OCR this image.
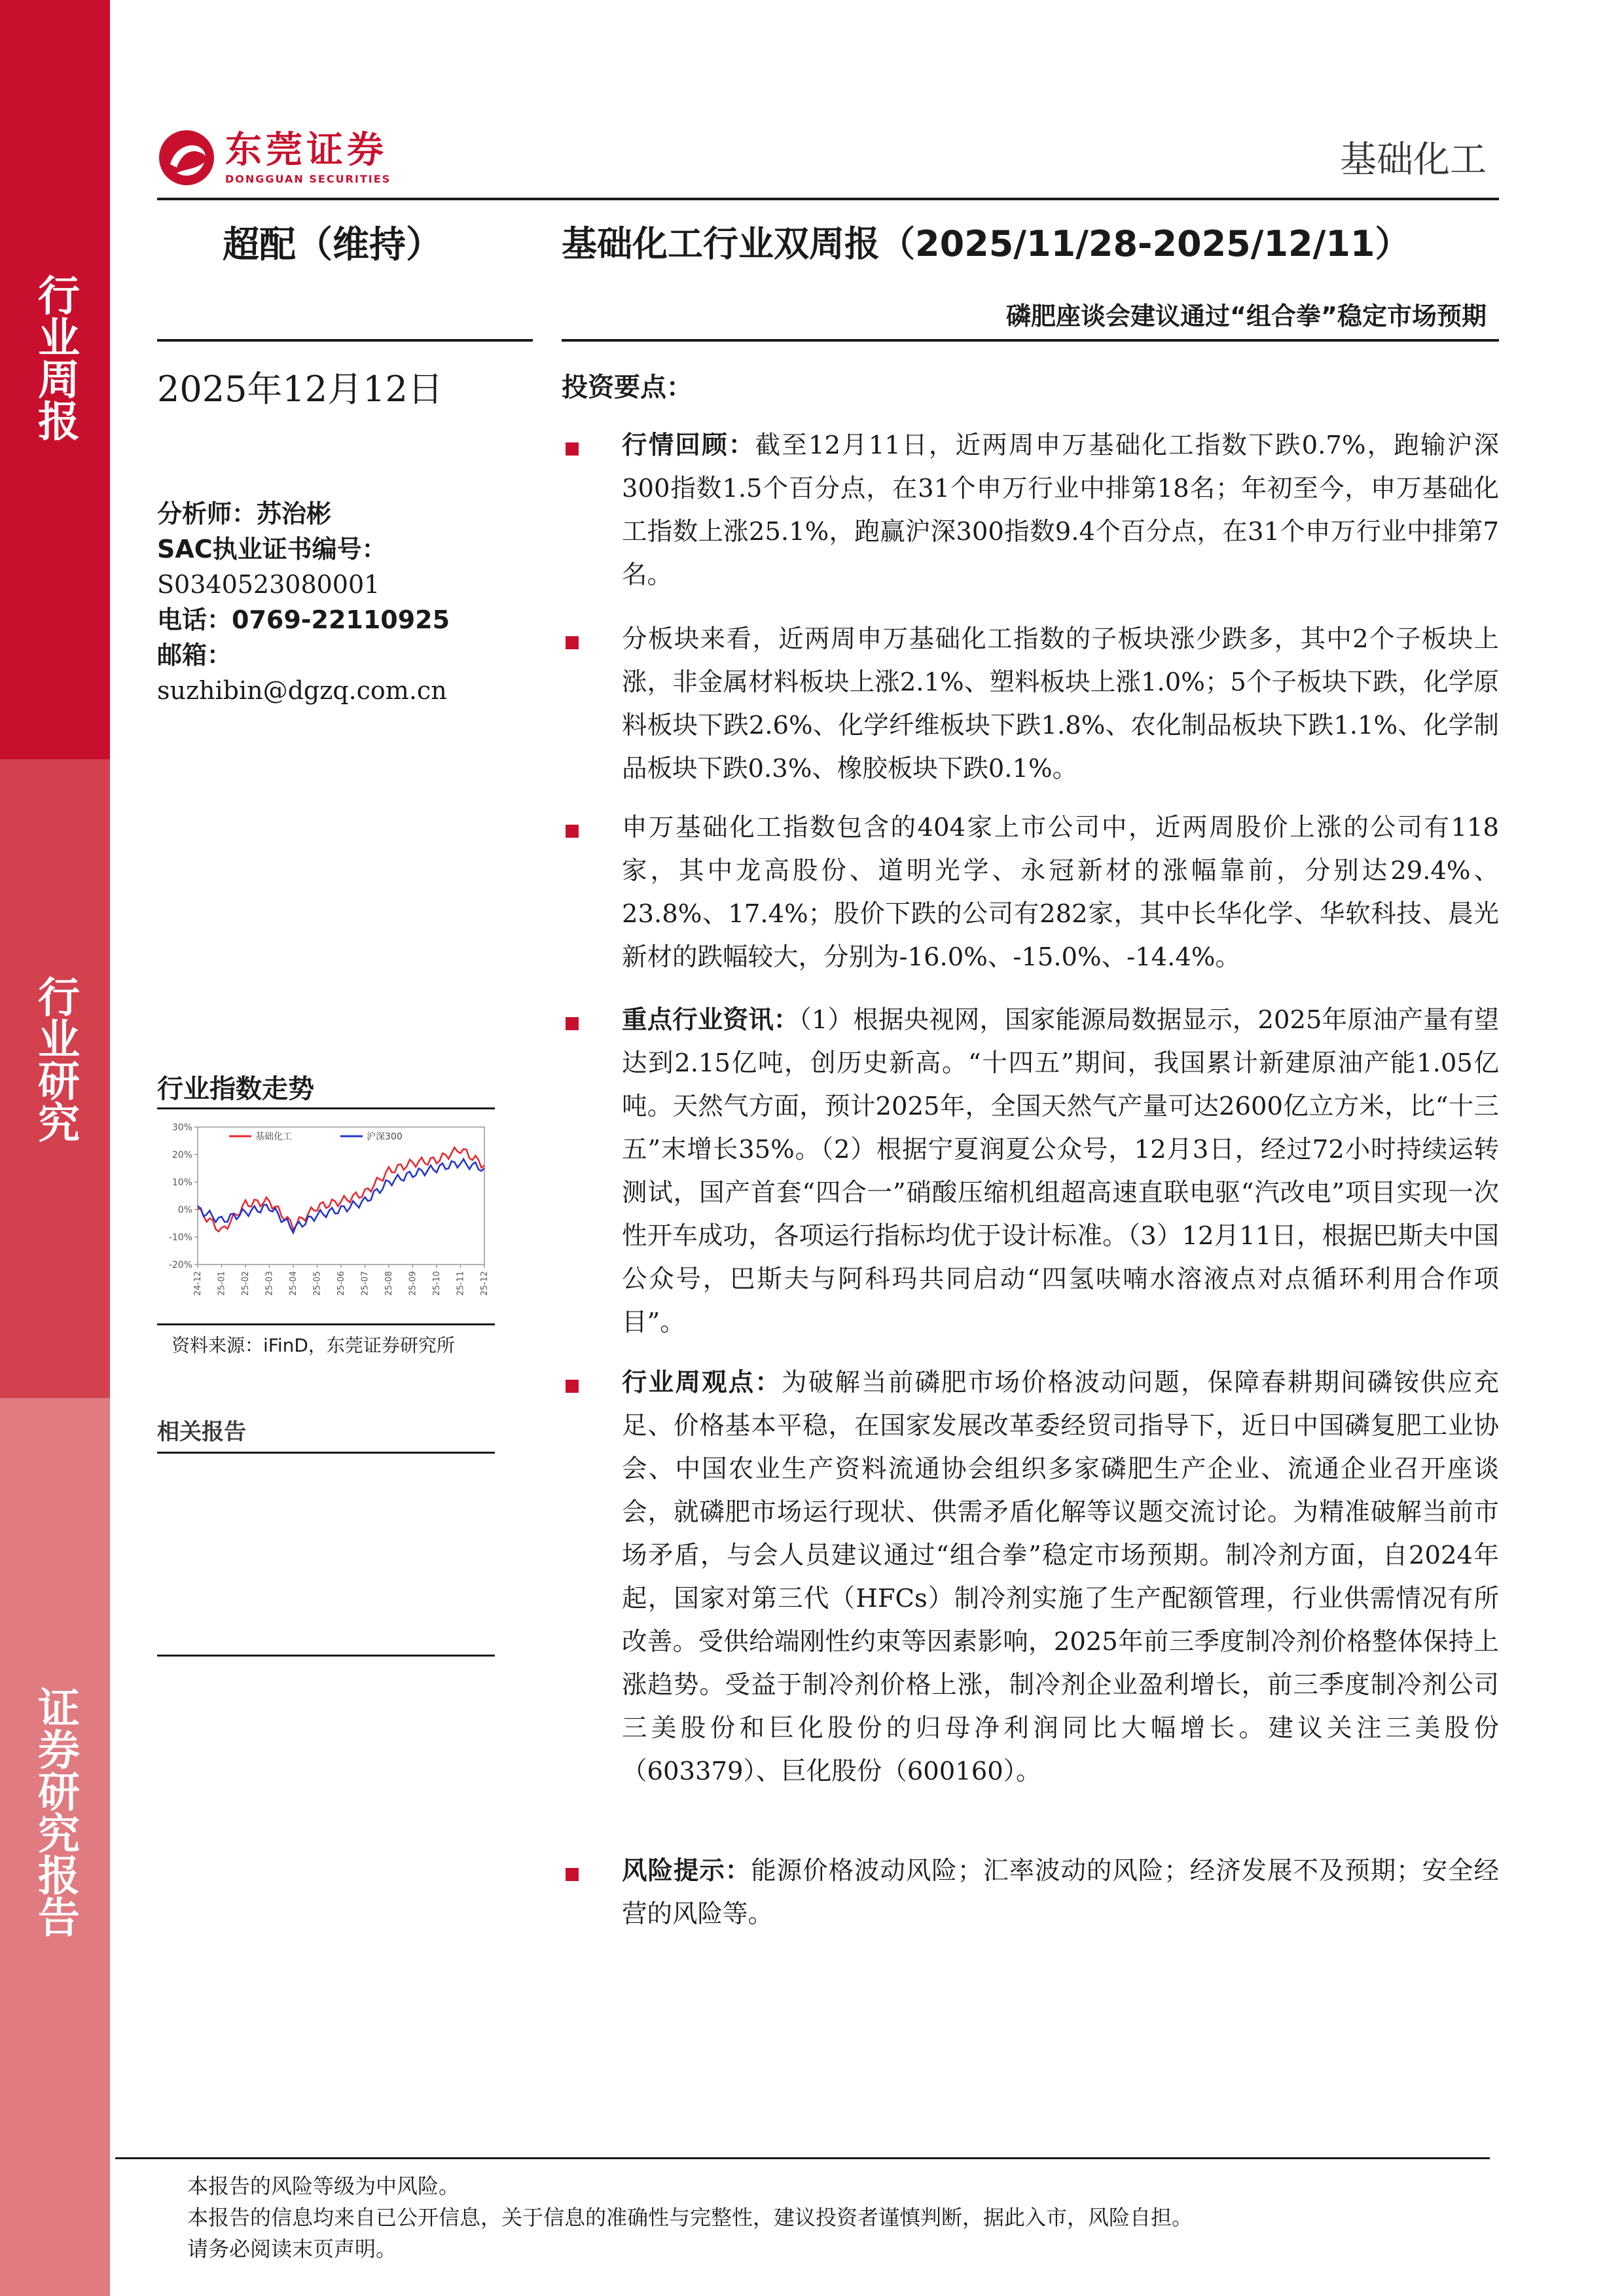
行业周报
行业研究
证券研究报告
东莞证券
DONGGUAN SECURITIES	基础化工
超配（维持）	基础化工行业双周报（2025/11/28-2025/12/11）
磷肥座谈会建议通过“组合拳”稳定市场预期
2025年12月12日
分析师：苏治彬
SAC执业证书编号：
S0340523080001
电话：0769-22110925
邮箱：
suzhibin@dgzq.com.cn
行业指数走势
30%
20%
10%
0%
-10%
-20%
24-12 25-01 25-02 25-03 25-04 25-05 25-06 25-07 25-08 25-09 25-10 25-11 25-12
基础化工	沪深300
资料来源：iFinD，东莞证券研究所
相关报告
投资要点：

行情回顾：截至12月11日，近两周申万基础化工指数下跌0.7%，跑输沪深300指数1.5个百分点，在31个申万行业中排第18名；年初至今，申万基础化工指数上涨25.1%，跑赢沪深300指数9.4个百分点，在31个申万行业中排第7名。

分板块来看，近两周申万基础化工指数的子板块涨少跌多，其中2个子板块上涨，非金属材料板块上涨2.1%、塑料板块上涨1.0%；5个子板块下跌，化学原料板块下跌2.6%、化学纤维板块下跌1.8%、农化制品板块下跌1.1%、化学制品板块下跌0.3%、橡胶板块下跌0.1%。

申万基础化工指数包含的404家上市公司中，近两周股价上涨的公司有118家，其中龙高股份、道明光学、永冠新材的涨幅靠前，分别达29.4%、23.8%、17.4%；股价下跌的公司有282家，其中长华化学、华软科技、晨光新材的跌幅较大，分别为-16.0%、-15.0%、-14.4%。

重点行业资讯：（1）根据央视网，国家能源局数据显示，2025年原油产量有望达到2.15亿吨，创历史新高。“十四五”期间，我国累计新建原油产能1.05亿吨。天然气方面，预计2025年，全国天然气产量可达2600亿立方米，比“十三五”末增长35%。（2）根据宁夏润夏公众号，12月3日，经过72小时持续运转测试，国产首套“四合一”硝酸压缩机组超高速直联电驱“汽改电”项目实现一次性开车成功，各项运行指标均优于设计标准。（3）12月11日，根据巴斯夫中国公众号，巴斯夫与阿科玛共同启动“四氢呋喃水溶液点对点循环利用合作项目”。

行业周观点：为破解当前磷肥市场价格波动问题，保障春耕期间磷铵供应充足、价格基本平稳，在国家发展改革委经贸司指导下，近日中国磷复肥工业协会、中国农业生产资料流通协会组织多家磷肥生产企业、流通企业召开座谈会，就磷肥市场运行现状、供需矛盾化解等议题交流讨论。为精准破解当前市场矛盾，与会人员建议通过“组合拳”稳定市场预期。制冷剂方面，自2024年起，国家对第三代（HFCs）制冷剂实施了生产配额管理，行业供需情况有所改善。受供给端刚性约束等因素影响，2025年前三季度制冷剂价格整体保持上涨趋势。受益于制冷剂价格上涨，制冷剂企业盈利增长，前三季度制冷剂公司三美股份和巨化股份的归母净利润同比大幅增长。建议关注三美股份（603379）、巨化股份（600160）。

风险提示：能源价格波动风险；汇率波动的风险；经济发展不及预期；安全经营的风险等。

本报告的风险等级为中风险。
本报告的信息均来自已公开信息，关于信息的准确性与完整性，建议投资者谨慎判断，据此入市，风险自担。
请务必阅读末页声明。
